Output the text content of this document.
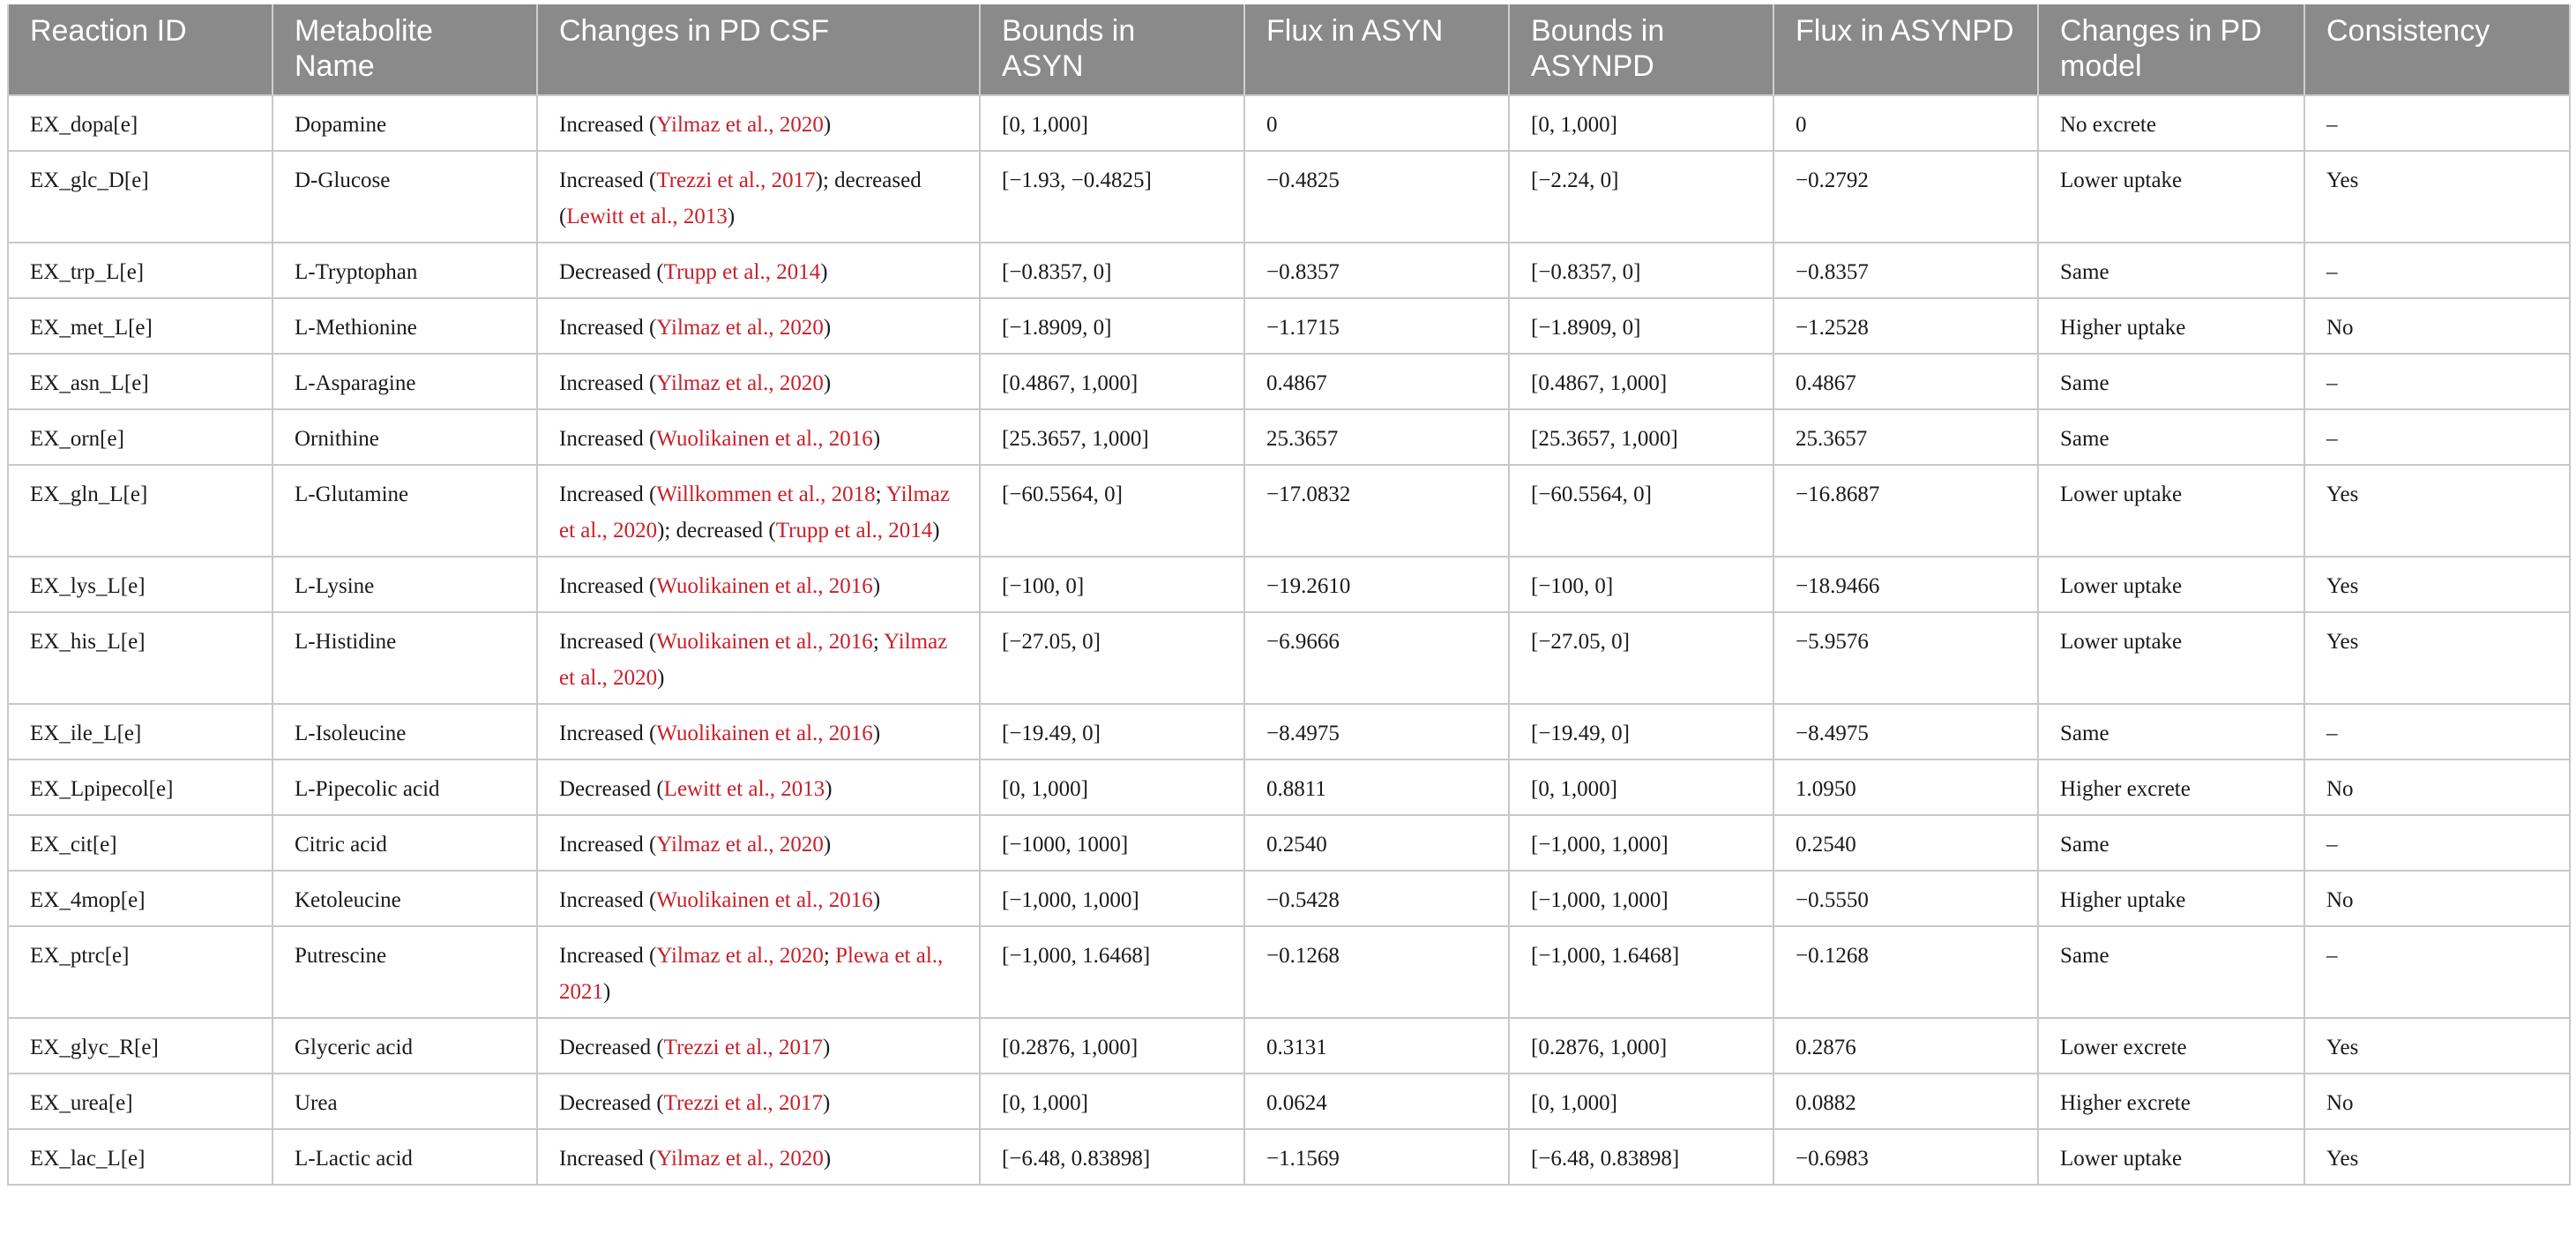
Reaction ID	Metabolite Name	Changes in PD CSF	Bounds in ASYN	Flux in ASYN	Bounds in ASYNPD	Flux in ASYNPD	Changes in PD model	Consistency
EX_dopa[e]	Dopamine	Increased (Yilmaz et al., 2020)	[0, 1,000]	0	[0, 1,000]	0	No excrete	–
EX_glc_D[e]	D-Glucose	Increased (Trezzi et al., 2017); decreased (Lewitt et al., 2013)	[−1.93, −0.4825]	−0.4825	[−2.24, 0]	−0.2792	Lower uptake	Yes
EX_trp_L[e]	L-Tryptophan	Decreased (Trupp et al., 2014)	[−0.8357, 0]	−0.8357	[−0.8357, 0]	−0.8357	Same	–
EX_met_L[e]	L-Methionine	Increased (Yilmaz et al., 2020)	[−1.8909, 0]	−1.1715	[−1.8909, 0]	−1.2528	Higher uptake	No
EX_asn_L[e]	L-Asparagine	Increased (Yilmaz et al., 2020)	[0.4867, 1,000]	0.4867	[0.4867, 1,000]	0.4867	Same	–
EX_orn[e]	Ornithine	Increased (Wuolikainen et al., 2016)	[25.3657, 1,000]	25.3657	[25.3657, 1,000]	25.3657	Same	–
EX_gln_L[e]	L-Glutamine	Increased (Willkommen et al., 2018; Yilmaz et al., 2020); decreased (Trupp et al., 2014)	[−60.5564, 0]	−17.0832	[−60.5564, 0]	−16.8687	Lower uptake	Yes
EX_lys_L[e]	L-Lysine	Increased (Wuolikainen et al., 2016)	[−100, 0]	−19.2610	[−100, 0]	−18.9466	Lower uptake	Yes
EX_his_L[e]	L-Histidine	Increased (Wuolikainen et al., 2016; Yilmaz et al., 2020)	[−27.05, 0]	−6.9666	[−27.05, 0]	−5.9576	Lower uptake	Yes
EX_ile_L[e]	L-Isoleucine	Increased (Wuolikainen et al., 2016)	[−19.49, 0]	−8.4975	[−19.49, 0]	−8.4975	Same	–
EX_Lpipecol[e]	L-Pipecolic acid	Decreased (Lewitt et al., 2013)	[0, 1,000]	0.8811	[0, 1,000]	1.0950	Higher excrete	No
EX_cit[e]	Citric acid	Increased (Yilmaz et al., 2020)	[−1000, 1000]	0.2540	[−1,000, 1,000]	0.2540	Same	–
EX_4mop[e]	Ketoleucine	Increased (Wuolikainen et al., 2016)	[−1,000, 1,000]	−0.5428	[−1,000, 1,000]	−0.5550	Higher uptake	No
EX_ptrc[e]	Putrescine	Increased (Yilmaz et al., 2020; Plewa et al., 2021)	[−1,000, 1.6468]	−0.1268	[−1,000, 1.6468]	−0.1268	Same	–
EX_glyc_R[e]	Glyceric acid	Decreased (Trezzi et al., 2017)	[0.2876, 1,000]	0.3131	[0.2876, 1,000]	0.2876	Lower excrete	Yes
EX_urea[e]	Urea	Decreased (Trezzi et al., 2017)	[0, 1,000]	0.0624	[0, 1,000]	0.0882	Higher excrete	No
EX_lac_L[e]	L-Lactic acid	Increased (Yilmaz et al., 2020)	[−6.48, 0.83898]	−1.1569	[−6.48, 0.83898]	−0.6983	Lower uptake	Yes
